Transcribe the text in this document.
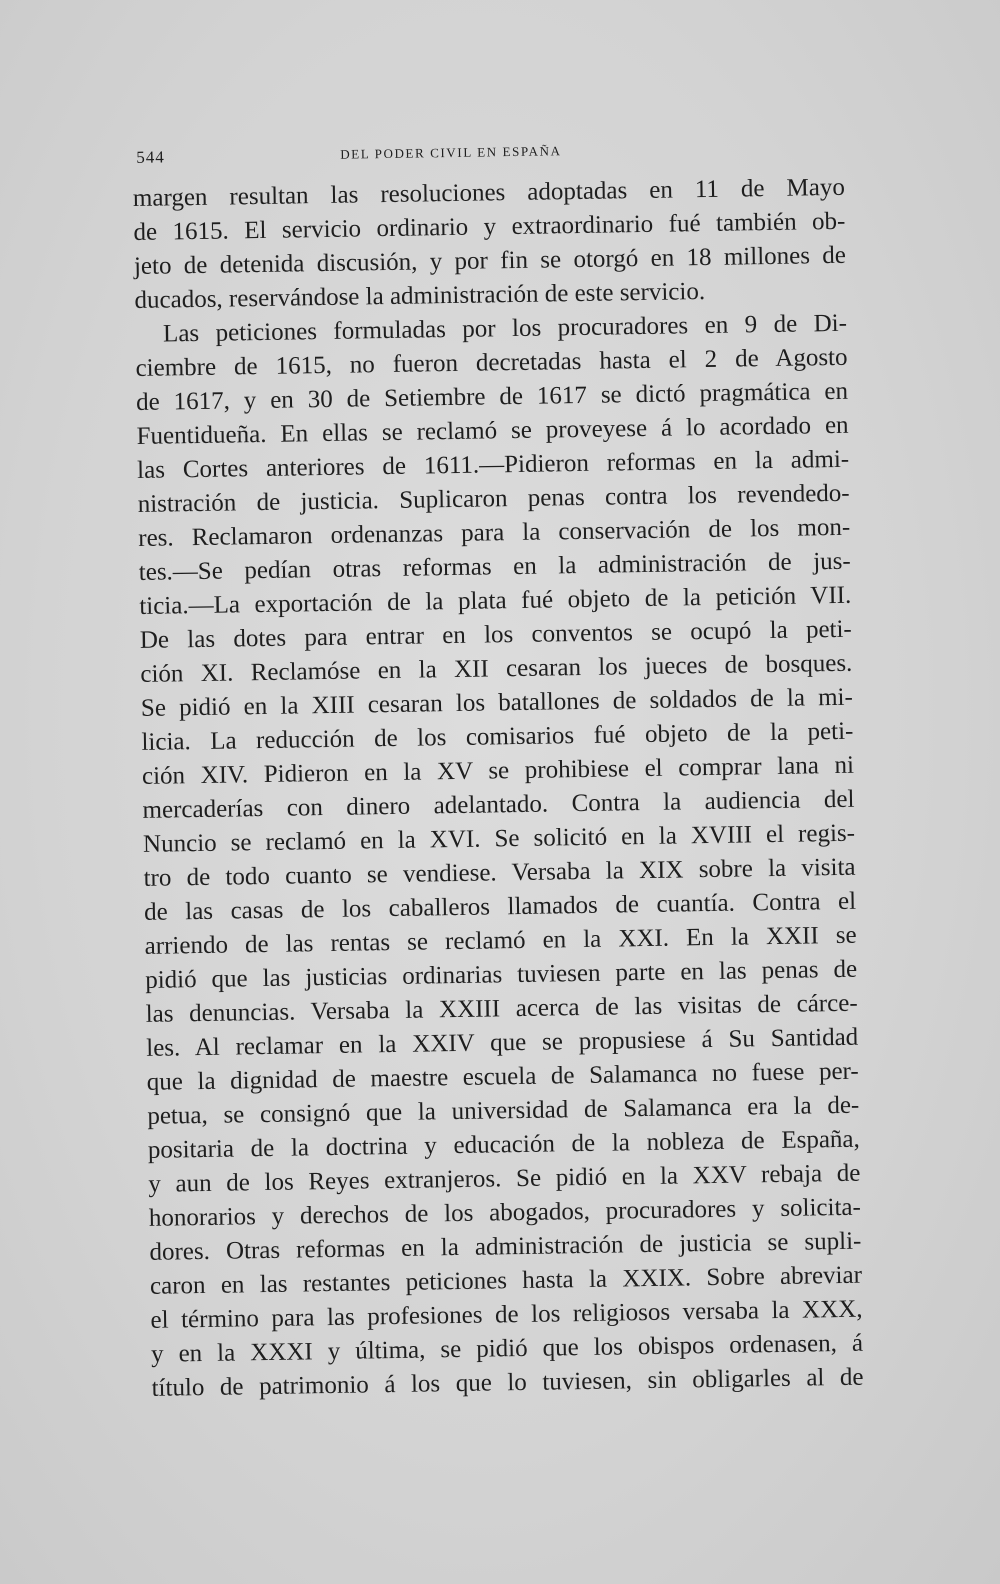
544	DEL PODER CIVIL EN ESPAÑA
margen resultan las resoluciones adoptadas en 11 de Mayo
de 1615. El servicio ordinario y extraordinario fué también ob-
jeto de detenida discusión, y por fin se otorgó en 18 millones de
ducados, reservándose la administración de este servicio.
Las peticiones formuladas por los procuradores en 9 de Di-
ciembre de 1615, no fueron decretadas hasta el 2 de Agosto
de 1617, y en 30 de Setiembre de 1617 se dictó pragmática en
Fuentidueña. En ellas se reclamó se proveyese á lo acordado en
las Cortes anteriores de 1611.—Pidieron reformas en la admi-
nistración de justicia. Suplicaron penas contra los revendedo-
res. Reclamaron ordenanzas para la conservación de los mon-
tes.—Se pedían otras reformas en la administración de jus-
ticia.—La exportación de la plata fué objeto de la petición VII.
De las dotes para entrar en los conventos se ocupó la peti-
ción XI. Reclamóse en la XII cesaran los jueces de bosques.
Se pidió en la XIII cesaran los batallones de soldados de la mi-
licia. La reducción de los comisarios fué objeto de la peti-
ción XIV. Pidieron en la XV se prohibiese el comprar lana ni
mercaderías con dinero adelantado. Contra la audiencia del
Nuncio se reclamó en la XVI. Se solicitó en la XVIII el regis-
tro de todo cuanto se vendiese. Versaba la XIX sobre la visita
de las casas de los caballeros llamados de cuantía. Contra el
arriendo de las rentas se reclamó en la XXI. En la XXII se
pidió que las justicias ordinarias tuviesen parte en las penas de
las denuncias. Versaba la XXIII acerca de las visitas de cárce-
les. Al reclamar en la XXIV que se propusiese á Su Santidad
que la dignidad de maestre escuela de Salamanca no fuese per-
petua, se consignó que la universidad de Salamanca era la de-
positaria de la doctrina y educación de la nobleza de España,
y aun de los Reyes extranjeros. Se pidió en la XXV rebaja de
honorarios y derechos de los abogados, procuradores y solicita-
dores. Otras reformas en la administración de justicia se supli-
caron en las restantes peticiones hasta la XXIX. Sobre abreviar
el término para las profesiones de los religiosos versaba la XXX,
y en la XXXI y última, se pidió que los obispos ordenasen, á
título de patrimonio á los que lo tuviesen, sin obligarles al de
